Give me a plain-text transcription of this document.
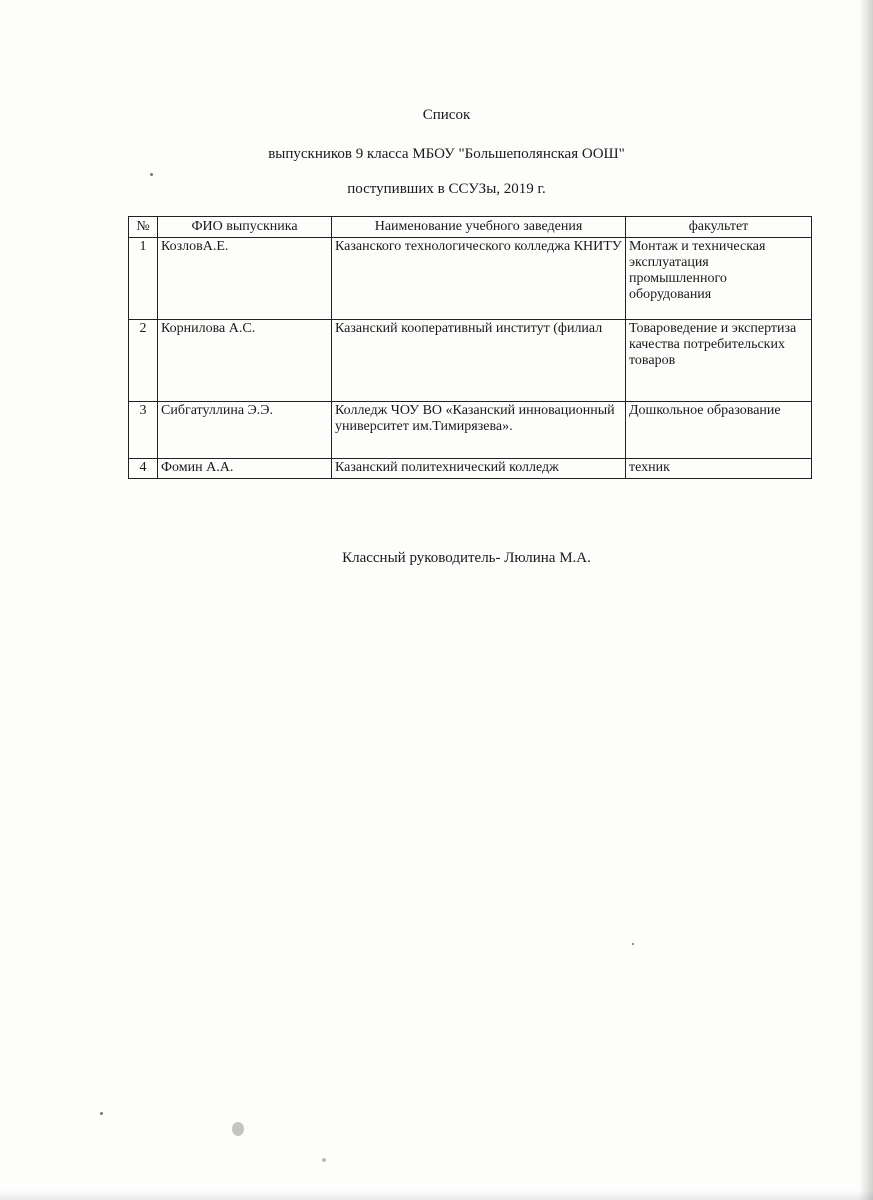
Список
выпускников 9 класса МБОУ "Большеполянская ООШ"
поступивших в ССУЗы, 2019 г.
№	ФИО выпускника	Наименование учебного заведения	факультет
1	КозловА.Е.	Казанского технологического колледжа КНИТУ	Монтаж и техническая эксплуатация промышленного оборудования
2	Корнилова А.С.	Казанский кооперативный институт (филиал	Товароведение и экспертиза качества потребительских товаров
3	Сибгатуллина Э.Э.	Колледж ЧОУ ВО «Казанский инновационный университет им.Тимирязева».	Дошкольное образование
4	Фомин А.А.	Казанский политехнический колледж	техник
Классный руководитель- Люлина М.А.
